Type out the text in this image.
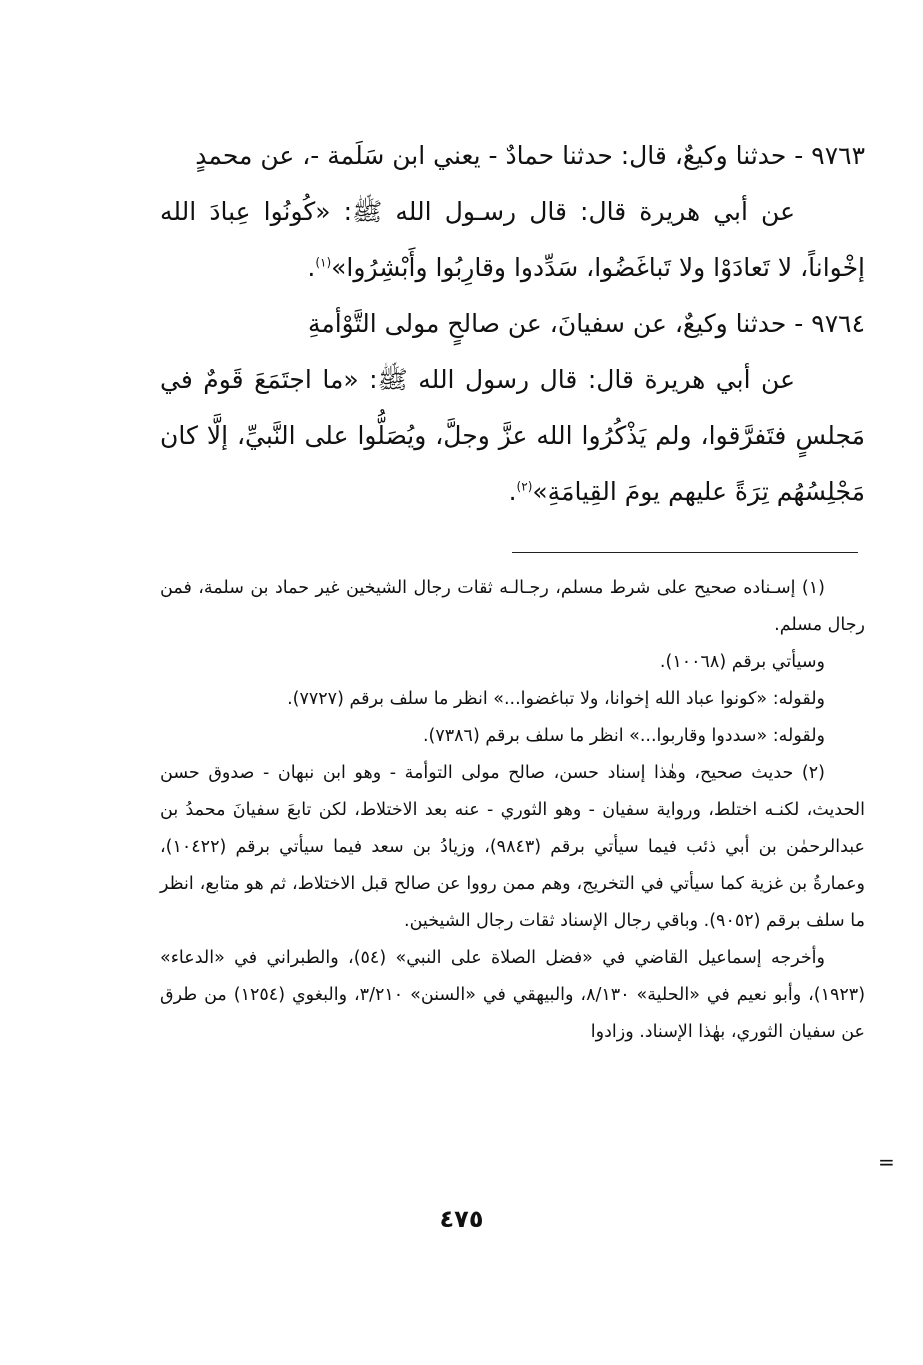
٩٧٦٣ - حدثنا وكيعٌ، قال: حدثنا حمادٌ - يعني ابن سَلَمة -، عن محمدٍ

عن أبي هريرة قال: قال رسـول الله ﷺ: «كُونُوا عِبادَ الله إخْواناً، لا تَعادَوْا ولا تَباغَضُوا، سَدِّدوا وقارِبُوا وأَبْشِرُوا»$^{(١)}$.

٩٧٦٤ - حدثنا وكيعٌ، عن سفيانَ، عن صالحٍ مولى التَّوْأمةِ

عن أبي هريرة قال: قال رسول الله ﷺ: «ما اجتَمَعَ قَومٌ في مَجلسٍ فتَفرَّقوا، ولم يَذْكُرُوا الله عزَّ وجلَّ، ويُصَلُّوا على النَّبيِّ، إلَّا كان مَجْلِسُهُم تِرَةً عليهم يومَ القِيامَةِ»$^{(٢)}$.

(١) إسـناده صحيح على شرط مسلم، رجـالـه ثقات رجال الشيخين غير حماد بن سلمة، فمن رجال مسلم.

وسيأتي برقم (١٠٠٦٨).

ولقوله: «كونوا عباد الله إخوانا، ولا تباغضوا...» انظر ما سلف برقم (٧٧٢٧).

ولقوله: «سددوا وقاربوا...» انظر ما سلف برقم (٧٣٨٦).

(٢) حديث صحيح، وهٰذا إسناد حسن، صالح مولى التوأمة - وهو ابن نبهان - صدوق حسن الحديث، لكنـه اختلط، ورواية سفيان - وهو الثوري - عنه بعد الاختلاط، لكن تابعَ سفيانَ محمدُ بن عبدالرحمٰن بن أبي ذئب فيما سيأتي برقم (٩٨٤٣)، وزيادُ بن سعد فيما سيأتي برقم (١٠٤٢٢)، وعمارةُ بن غزية كما سيأتي في التخريج، وهم ممن رووا عن صالح قبل الاختلاط، ثم هو متابع، انظر ما سلف برقم (٩٠٥٢). وباقي رجال الإسناد ثقات رجال الشيخين.

وأخرجه إسماعيل القاضي في «فضل الصلاة على النبي» (٥٤)، والطبراني في «الدعاء» (١٩٢٣)، وأبو نعيم في «الحلية» ٨/١٣٠، والبيهقي في «السنن» ٣/٢١٠، والبغوي (١٢٥٤) من طرق عن سفيان الثوري، بهٰذا الإسناد. وزادوا

=
٤٧٥
